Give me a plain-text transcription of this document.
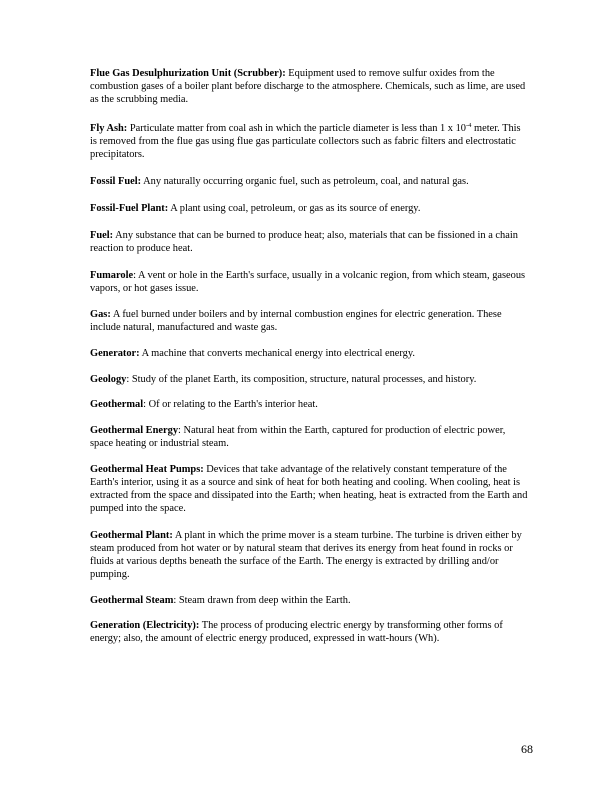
Flue Gas Desulphurization Unit (Scrubber): Equipment used to remove sulfur oxides from the combustion gases of a boiler plant before discharge to the atmosphere. Chemicals, such as lime, are used as the scrubbing media.

Fly Ash: Particulate matter from coal ash in which the particle diameter is less than 1 x $10^{-4}$ meter. This is removed from the flue gas using flue gas particulate collectors such as fabric filters and electrostatic precipitators.

Fossil Fuel: Any naturally occurring organic fuel, such as petroleum, coal, and natural gas.

Fossil-Fuel Plant: A plant using coal, petroleum, or gas as its source of energy.

Fuel: Any substance that can be burned to produce heat; also, materials that can be fissioned in a chain reaction to produce heat.

Fumarole: A vent or hole in the Earth's surface, usually in a volcanic region, from which steam, gaseous vapors, or hot gases issue.

Gas: A fuel burned under boilers and by internal combustion engines for electric generation. These include natural, manufactured and waste gas.

Generator: A machine that converts mechanical energy into electrical energy.

Geology: Study of the planet Earth, its composition, structure, natural processes, and history.

Geothermal: Of or relating to the Earth's interior heat.

Geothermal Energy: Natural heat from within the Earth, captured for production of electric power, space heating or industrial steam.

Geothermal Heat Pumps: Devices that take advantage of the relatively constant temperature of the Earth's interior, using it as a source and sink of heat for both heating and cooling. When cooling, heat is extracted from the space and dissipated into the Earth; when heating, heat is extracted from the Earth and pumped into the space.

Geothermal Plant: A plant in which the prime mover is a steam turbine. The turbine is driven either by steam produced from hot water or by natural steam that derives its energy from heat found in rocks or fluids at various depths beneath the surface of the Earth. The energy is extracted by drilling and/or pumping.

Geothermal Steam: Steam drawn from deep within the Earth.

Generation (Electricity): The process of producing electric energy by transforming other forms of energy; also, the amount of electric energy produced, expressed in watt-hours (Wh).

68
